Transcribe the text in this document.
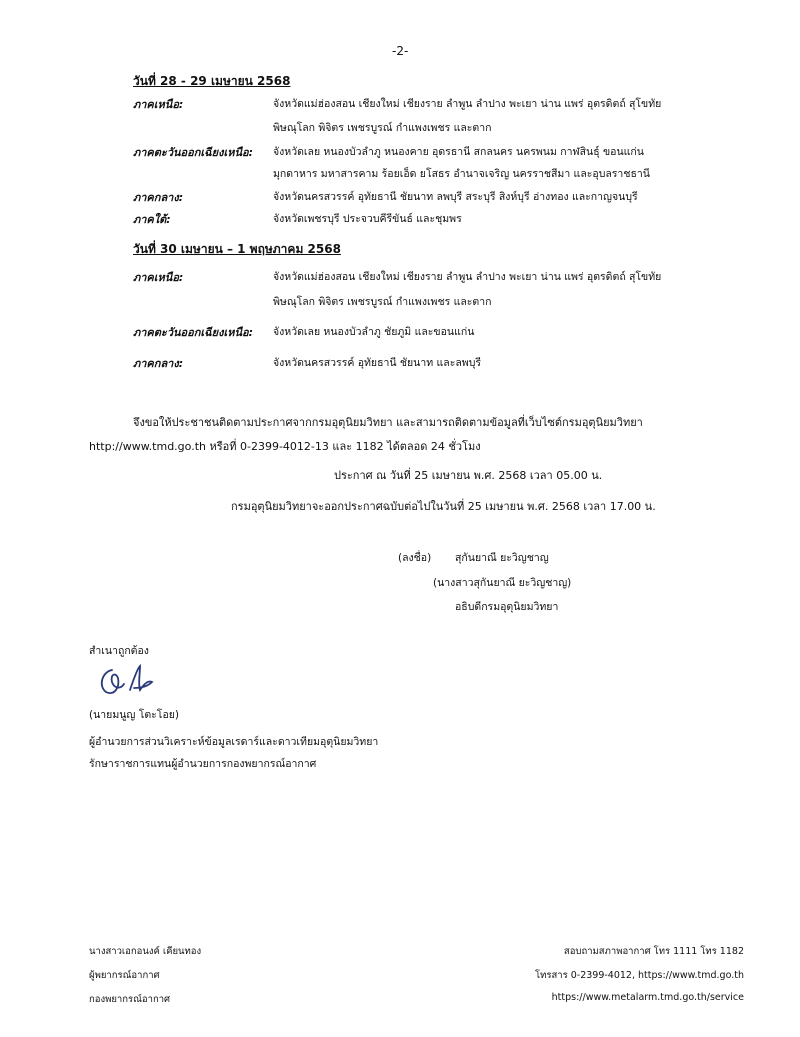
-2-
วันที่ 28 - 29 เมษายน 2568
ภาคเหนือ:	จังหวัดแม่ฮ่องสอน เชียงใหม่ เชียงราย ลำพูน ลำปาง พะเยา น่าน แพร่ อุตรดิตถ์ สุโขทัย
พิษณุโลก พิจิตร เพชรบูรณ์ กำแพงเพชร และตาก
ภาคตะวันออกเฉียงเหนือ: จังหวัดเลย หนองบัวลำภู หนองคาย อุดรธานี สกลนคร นครพนม กาฬสินธุ์ ขอนแก่น
มุกดาหาร มหาสารคาม ร้อยเอ็ด ยโสธร อำนาจเจริญ นครราชสีมา และอุบลราชธานี
ภาคกลาง:	จังหวัดนครสวรรค์ อุทัยธานี ชัยนาท ลพบุรี สระบุรี สิงห์บุรี อ่างทอง และกาญจนบุรี
ภาคใต้:	จังหวัดเพชรบุรี ประจวบคีรีขันธ์ และชุมพร
วันที่ 30 เมษายน – 1 พฤษภาคม 2568
ภาคเหนือ:	จังหวัดแม่ฮ่องสอน เชียงใหม่ เชียงราย ลำพูน ลำปาง พะเยา น่าน แพร่ อุตรดิตถ์ สุโขทัย
พิษณุโลก พิจิตร เพชรบูรณ์ กำแพงเพชร และตาก
ภาคตะวันออกเฉียงเหนือ: จังหวัดเลย หนองบัวลำภู ชัยภูมิ และขอนแก่น
ภาคกลาง:	จังหวัดนครสวรรค์ อุทัยธานี ชัยนาท และลพบุรี
จึงขอให้ประชาชนติดตามประกาศจากกรมอุตุนิยมวิทยา และสามารถติดตามข้อมูลที่เว็บไซต์กรมอุตุนิยมวิทยา
http://www.tmd.go.th หรือที่ 0-2399-4012-13 และ 1182 ได้ตลอด 24 ชั่วโมง
ประกาศ ณ วันที่ 25 เมษายน พ.ศ. 2568 เวลา 05.00 น.
กรมอุตุนิยมวิทยาจะออกประกาศฉบับต่อไปในวันที่ 25 เมษายน พ.ศ. 2568 เวลา 17.00 น.
(ลงชื่อ) สุกันยาณี ยะวิญชาญ
(นางสาวสุกันยาณี ยะวิญชาญ)
อธิบดีกรมอุตุนิยมวิทยา
สำเนาถูกต้อง
(นายมนูญ โตะโอย)
ผู้อำนวยการส่วนวิเคราะห์ข้อมูลเรดาร์และดาวเทียมอุตุนิยมวิทยา
รักษาราชการแทนผู้อำนวยการกองพยากรณ์อากาศ
นางสาวเอกอนงค์ เคียนทอง
ผู้พยากรณ์อากาศ
กองพยากรณ์อากาศ
สอบถามสภาพอากาศ โทร 1111 โทร 1182
โทรสาร 0-2399-4012, https://www.tmd.go.th
https://www.metalarm.tmd.go.th/service
